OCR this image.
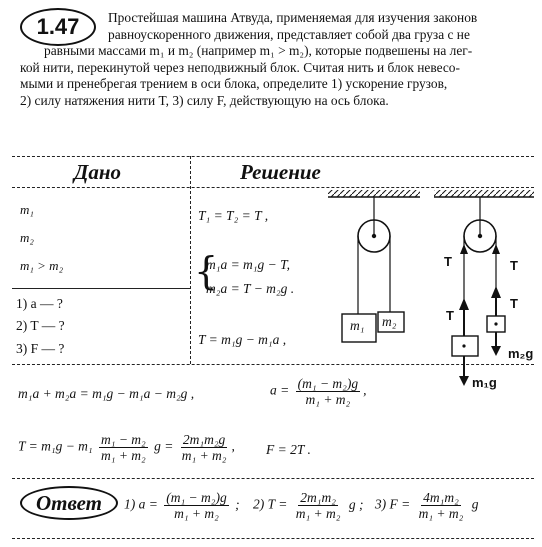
1.47 Простейшая машина Атвуда, применяемая для изучения законов

равноускоренного движения, представляет собой два груза с не

равными массами m₁ и m₂ (например m₁ > m₂), которые подвешены на лег-

кой нити, перекинутой через неподвижный блок. Считая нить и блок невесо-

мыми и пренебрегая трением в оси блока, определите 1) ускорение грузов,

2) силу натяжения нити T, 3) силу F, действующую на ось блока.

Дано	Решение
m₁
m₂
m₁ > m₂
1) a — ?
2) T — ?
3) F — ?
T₁ = T₂ = T ,
{
m₁a = m₁g − T,
m₂a = T − m₂g .
T = m₁g − m₁a ,
m₁a + m₂a = m₁g − m₁a − m₂g ,	$a = \frac{\text{(m₁ − m₂)g}}{\text{m₁ + m₂}}$ ,
$T = m_1g - m_1 \frac{\text{m₁ − m₂}}{\text{m₁ + m₂}}$ $g = \frac{\text{2m₁m₂g}}{\text{m₁ + m₂}}$ , F = 2T .
m₁ m₂
T	T
T
T
m₂g
m₁g
Ответ 1) $a = \frac{\text{(m₁ − m₂)g}}{\text{m₁ + m₂}}$ ; 2) $T = \frac{\text{2m₁m₂}}{\text{m₁ + m₂}}$ g ; 3) $F = \frac{\text{4m₁m₂}}{\text{m₁ + m₂}}$ g
